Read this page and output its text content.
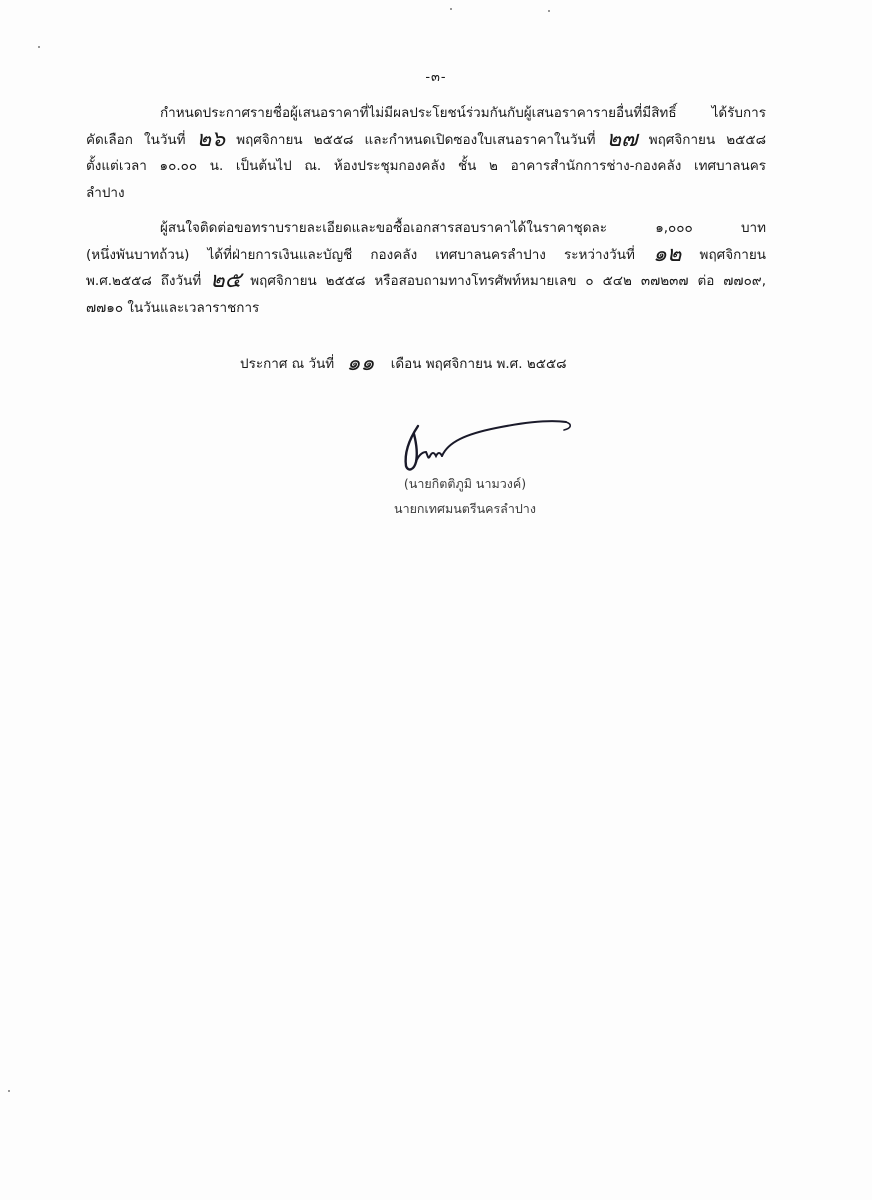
-๓-
กำหนดประกาศรายชื่อผู้เสนอราคาที่ไม่มีผลประโยชน์ร่วมกันกับผู้เสนอราคารายอื่นที่มีสิทธิ์ ได้รับการ
คัดเลือก ในวันที่ ๒๖ พฤศจิกายน ๒๕๕๘ และกำหนดเปิดซองใบเสนอราคาในวันที่ ๒๗ พฤศจิกายน ๒๕๕๘
ตั้งแต่เวลา ๑๐.๐๐ น. เป็นต้นไป ณ. ห้องประชุมกองคลัง ชั้น ๒ อาคารสำนักการช่าง-กองคลัง เทศบาลนคร
ลำปาง
ผู้สนใจติดต่อขอทราบรายละเอียดและขอซื้อเอกสารสอบราคาได้ในราคาชุดละ ๑,๐๐๐ บาท
(หนึ่งพันบาทถ้วน) ได้ที่ฝ่ายการเงินและบัญชี กองคลัง เทศบาลนครลำปาง ระหว่างวันที่ ๑๒ พฤศจิกายน
พ.ศ.๒๕๕๘ ถึงวันที่ ๒๕ พฤศจิกายน ๒๕๕๘ หรือสอบถามทางโทรศัพท์หมายเลข ๐ ๕๔๒ ๓๗๒๓๗ ต่อ ๗๗๐๙,
๗๗๑๐ ในวันและเวลาราชการ
ประกาศ ณ วันที่ ๑๑ เดือน พฤศจิกายน พ.ศ. ๒๕๕๘
(นายกิตติภูมิ นามวงค์)
นายกเทศมนตรีนครลำปาง
